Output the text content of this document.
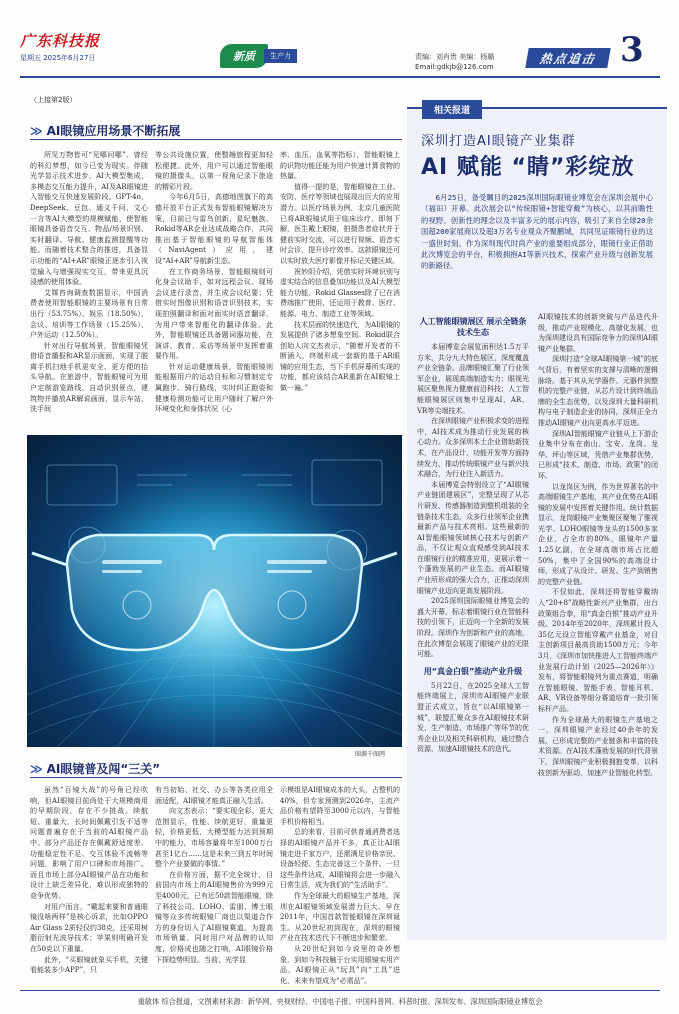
广东科技报
星期五 2025年6月27日	新质	生产力	责编：刘肖贵 美编：杨璐
Email:gdkjb@126.com
热点追击 3
（上接第2版）
≫ AI眼镜应用场景不断拓展

所见万物皆可“见哪问哪”、曾经的科幻梦想，如今已变为现实。伴随光学显示技术进步，AI大模型集成，多模态交互能力提升，AI及AR眼镜进入智能交互快速发展阶段。GPT-4o、DeepSeek、豆包、通义千问、文心一言等AI大模型的规模赋能，使智能眼镜具备语音交互、物品/场景识别、实时翻译、导航、健康监测提醒等功能。而随着技术整合的推进，具备显示功能的“AI+AR”眼镜正逐步引入视觉输入与增强现实交互，带来更具沉浸感的使用体验。

艾媒咨询调查数据显示，中国消费者使用智能眼镜的主要场景有日常出行（53.75%）、娱乐（18.50%）、会议、培训等工作场景（15.25%）、户外运动（12.50%）。

针对出行导航场景，智能眼镜凭借语音播报和AR显示画面，实现了脱离手机扫地手机更安全、更方便的抬头导航。在旅游中，智能眼镜可为用户定制游览路线，自动识别景点，建筑物并播放AR解说画面，显示车站、洗手间

等公共设施位置，使整趟旅程更加轻松便捷。此外，用户可以通过智能眼镜的摄像头，以第一视角记录下旅途的精彩片段。

今年6月5日，高德地图旗下的高德开放平台正式发布智能眼镜解决方案，目前已与雷鸟创新、星纪魅族、Rokid等AR企业达成战略合作，共同推出基于智能眼镜的导航智能体（NaviAgent）应用，建设“AI+AR”导航新生态。

在工作商务场景，智能眼镜则可化身会议助手，如对远程会议、现场会议进行录音，并生成会议纪要；凭借实时图像识别和语音识别技术，实现拍照翻译和面对面实时语音翻译，为用户带来智能化的翻译体验。此外，智能眼镜还具备题词器功能，在演讲、教育、采访等场景中发挥着重要作用。

针对运动健康场景，智能眼镜则能根据用户的运动目标和习惯制定专属跑步、骑行路线，实时纠正跑姿和健康检测功能可让用户随时了解户外环境变化和身体状况（心

率、血压、血氧等指标），智能眼镜上的识物功能还能为用户快速计算食物的热量。

值得一提的是，智能眼镜在工业、安防、医疗等领域也展现出巨大的应用潜力。以医疗场景为例，北京几童医院已将AR眼镜试用于临床诊疗、即刻下解，医生戴上眼镜，拍摄患者症状并于健前实时交流，可以进行视频、语音实时会诊，提升诊疗效率。这款眼镜还可以实时放大医疗影像并标记关键区域。

祝妙阴介绍，凭借实时环境识别与虚实结合的信息叠加功能以及AI大模型能力功能，Rokid Glasses除了已在消费端推广使用，还运用于教育、医疗、能源、电力、制造工业等领域。

技术层面的快速迭代，为AI眼镜的发展提供了诸多想象空间。Rokid联合创始人向文杰表示，“随着开发者的不断涌入，终端形成一套新的基于AR眼镜的应用生态，当下手机屏幕所实现的功能，都应该结合AR重新在AI眼镜上做一遍。”

图源千图网
≫ AI眼镜普及闯“三关”

虽然“百镜大战”的号角已经吹响，但AI眼镜目前尚处于大规模商用的早期阶段，存在不少挑战。续航短、重量大，长时间佩戴引发不适等问题普遍存在于当前的AI眼镜产品中。部分产品还存在佩戴舒适度差、功能稳定性不足、交互体验不流畅等问题，影响了用户口碑和市场推广。而且市场上部分AI眼镜产品在功能和设计上缺乏差异化，难以形成独特的竞争优势。

对用户而言，“戴起来要和普通眼镜没啥两样”是核心诉求，比如OPPO Air Glass 2质轻仅约38克，还采用树脂衍射光波导技术；苹果则明确开发在50克以下重量。

此外，“买眼镜就象买手机，关键看能装多少APP”，只

有当初始、社交、办公等各类应用全面适配，AI眼镜才能真正融入生活。

向文杰表示：“要实现全彩、更大范围显示，性能、续航更好，重量更轻，价格更低，大模型能力达到预期中的能力，市场容量将年至1000万台甚至1亿台……这是未来三到五年时间整个产业要做的事情。”

在价格方面，据不完全统计，目前国内市场上的AI眼镜售价为999元至4000元，已有近50款智能眼镜，除了科技公司、LOHO、雷朋、博士眼镜等众多传统眼镜厂商也以渠道合作方的身份切入了AI眼镜赛道。为提高市场销量，同时用户对品牌的认知度，价格成也随之打响，AI眼镜价格下探趋势明显。当前，光学显

示模组是AI眼镜成本的大头，占整机的40%，但专家预测到2026年，主流产品价格有望降至3000元以内，与智能手机价格相当。

总的来看，目前可供普通消费者选择的AI眼镜产品并不多，真正让AI眼镜走进千家万户，还需满足价格亲民、设备轻便、生态完善这三个条件。一旦这些条件达成，AI眼镜将会进一步融入日常生活，成为我们的“生活助手”。

作为全球最大的眼镜生产基地，深圳在AI眼镜领域发展潜力巨大。早在2011年，中国首款智能眼镜在深圳诞生。从20世纪初到现在，深圳的眼镜产业在技术迭代下不断进步和繁荣。

从20世纪到如今说里的奇妙想象，到如今科技触于台实用眼镜实用产品，AI眼镜正从“玩具”向“工具”进化，未来有望成为“必需品”。

相关报道
深圳打造AI眼镜产业集群
AI 赋能 “睛”彩绽放

6月25日，备受瞩目的2025深圳国际眼镜业博览会在深圳会展中心（福田）开幕。此次展会以“传统眼镜+智能穿戴”为核心，以其前瞻性的视野、创新性的理念以及丰富多元的展示内容，吸引了来自全球20余国超200家展商以及超3万名专业观众齐聚鹏城，共同见证眼镜行业的这一盛世时刻。作为深圳现代时尚产业的重要组成部分，眼镜行业正借助此次博览会的平台，积极拥抱AI等新兴技术，探索产业升级与创新发展的新路径。

人工智能眼镜展区 展示全链条技术生态

本届博览会展览面积达1.5万平方米，共分九大特色展区，深度覆盖产业全链条。品牌眼镜汇聚了行业领军企业，展现高端制造实力；眼视光展区聚焦视力健康前沿科技；人工智能眼镜展区则集中呈现AI、AR、VR等尖端技术。

在深圳眼镜产业积极求变的进程中，AI技术成为推动行业发展的核心动力。众多深圳本土企业借助新技术，在产品设计、功能开发等方面持续发力，推动传统眼镜产业与新兴技术融合，为行业注入新活力。

本届博览会特别设立了“AI眼镜产业链团建展区”，完整呈现了从芯片研发、传感器制造到整机组装的全链条技术生态，众多行业领军企业携最新产品与技术亮相。这些最新的AI智能眼镜领域核心技术与创新产品，不仅让观众直观感受到AI技术在眼镜行业的精准应用，更展示着一个蓬勃发展的产业生态。而AI眼镜产业所形成的强大合力，正推动深圳眼镜产业迈向更高发展阶段。

2025深圳国际眼镜业博览会的盛大开幕，标志着眼镜行业在智能科技的引领下，正迈向一个全新的发展阶段。深圳作为创新和产业的高地，在此次博览会展现了眼镜产业的无限可能。

用“真金白银”推动产业升级

5月22日，在2025全球人工智能终端展上，深圳市AI眼镜产业联盟正式成立，旨在“以AI眼镜第一城”，联盟汇聚众多在AI眼镜技术研发、生产制造、市场推广等环节的优秀企业以及相关科研机构，通过整合资源，加速AI眼镜技术的迭代。

AI眼镜技术的创新突破与产品迭代升级，推动产业规模化、高端化发展，也为深圳建设具有国际竞争力的深圳AI眼镜产业集群。

深圳打造“全球AI眼镜第一城”的底气背后，有着坚实的支撑与清晰的逻辑脉络。基于其从光学器件、元器件到整机的完整产业链，从芯片设计到终端品牌的全生态优势，以及深圳大量科研机构与电子制造企业的协同，深圳正全力推动AI眼镜产业向更高水平迈进。

深圳AI智能眼镜产业链从上下游企业集中分布在南山、宝安、龙岗、龙华、坪山等区域，凭借产业集群优势，已形成“技术、制造、市场、政策”的闭环。

以龙岗区为例，作为世界著名的中高端眼镜生产基地，其产业优势在AI眼镜的发展中发挥着关键作用。统计数据显示，龙岗眼镜产业集聚区聚集了雅视光学、LOHO眼镜等龙头的1500多家企业，占全市的80%，眼镜年产量1.25亿副，在全球高端市场占比超50%，集中了全国90%的高端设计师，形成了从设计、研发、生产到销售的完整产业链。

不仅如此，深圳还将智能穿戴纳入“20+8”战略性新兴产业集群，出台政策组合拳，用“真金白银”推动产业升级。2014年至2020年，深圳累计投入35亿元设立智能穿戴产业基金，对目主创新项目最高资助1500万元；今年3月，《深圳市加快推进人工智能终端产业发展行动计划（2025—2026年）》发布，将智能眼镜列为重点赛道，明确在智能眼镜、智能手表、智能耳机、AR、VR设备等细分赛道培育一批引领标杆产品。

作为全球最大的眼镜生产基地之一，深圳眼镜产业经过40余年的发展，已形成完整的产业链条和丰富的技术资源。在AI技术蓬勃发展的时代背景下，深圳眼镜产业积极拥抱变革，以科技创新为驱动，加速产业智能化转型。

重敏体 综合报道，文图素材来源：新华网、央视财经、中国电子报、中国科普网、科普时报、深圳发布、深圳国际眼镜业博览会
